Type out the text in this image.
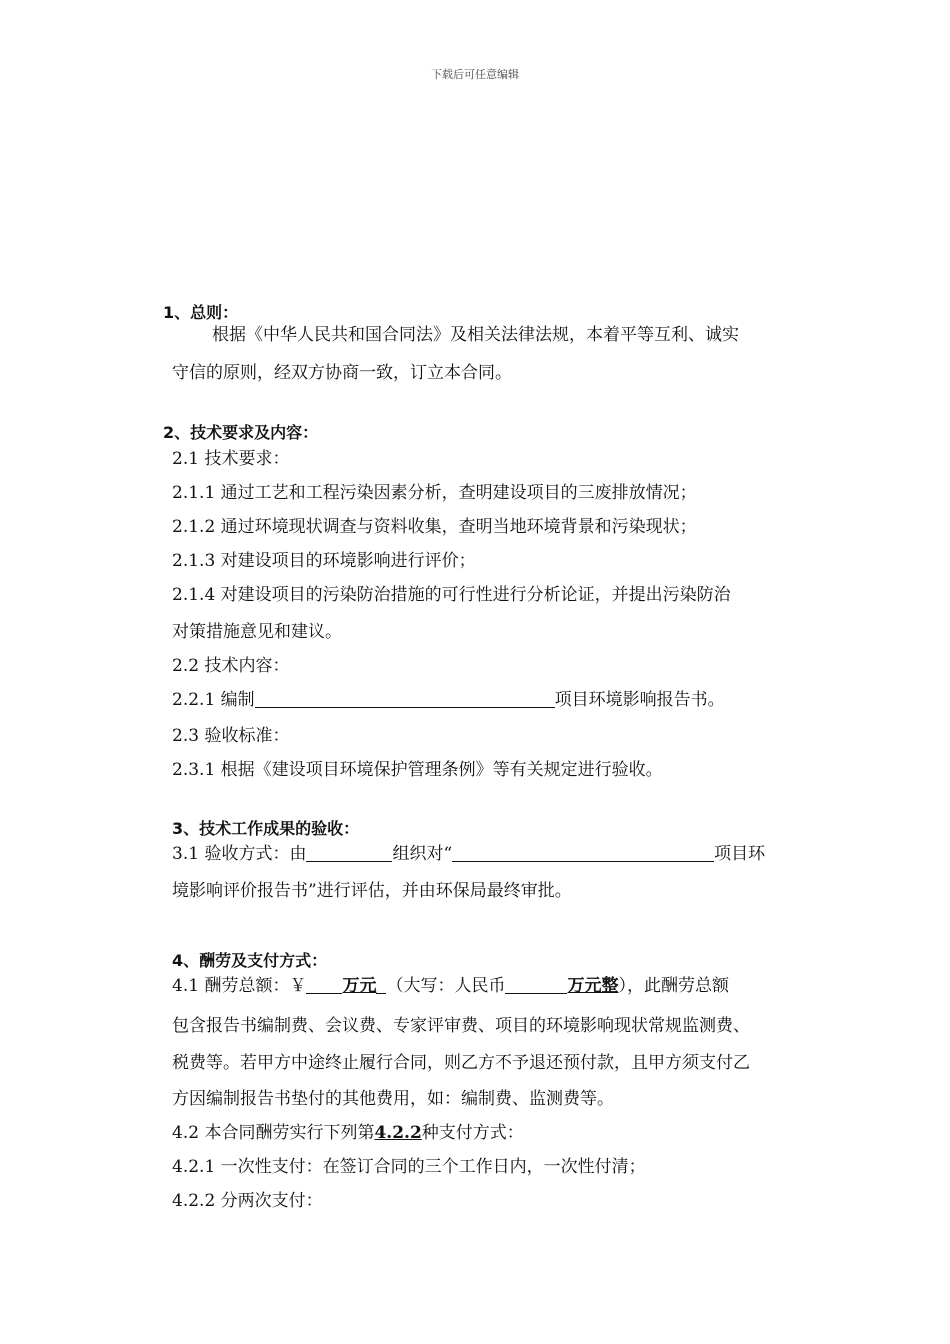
下载后可任意编辑
1、总则：
根据《中华人民共和国合同法》及相关法律法规，本着平等互利、诚实
守信的原则，经双方协商一致，订立本合同。
2、技术要求及内容：
2.1 技术要求：
2.1.1 通过工艺和工程污染因素分析，查明建设项目的三废排放情况；
2.1.2 通过环境现状调查与资料收集，查明当地环境背景和污染现状；
2.1.3 对建设项目的环境影响进行评价；
2.1.4 对建设项目的污染防治措施的可行性进行分析论证，并提出污染防治
对策措施意见和建议。
2.2 技术内容：
2.2.1 编制	项目环境影响报告书。
2.3 验收标准：
2.3.1 根据《建设项目环境保护管理条例》等有关规定进行验收。
3、技术工作成果的验收：
3.1 验收方式：由	组织对“	项目环
境影响评价报告书”进行评估，并由环保局最终审批。
4、酬劳及支付方式：
4.1 酬劳总额：￥ 万元 （大写：人民币	万元整），此酬劳总额
包含报告书编制费、会议费、专家评审费、项目的环境影响现状常规监测费、
税费等。若甲方中途终止履行合同，则乙方不予退还预付款，且甲方须支付乙
方因编制报告书垫付的其他费用，如：编制费、监测费等。
4.2 本合同酬劳实行下列第4.2.2种支付方式：
4.2.1 一次性支付：在签订合同的三个工作日内，一次性付清；
4.2.2 分两次支付：
